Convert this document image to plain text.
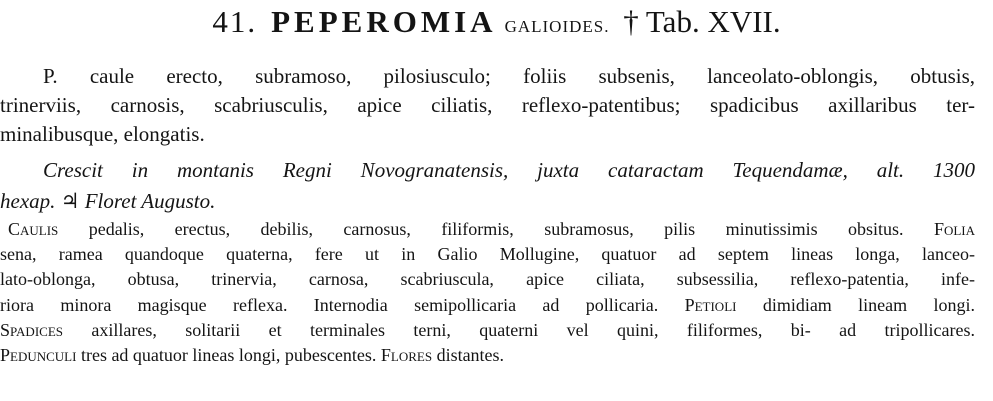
41. PEPEROMIA GALIOIDES. † Tab. XVII.
P. caule erecto, subramoso, pilosiusculo; foliis subsenis, lanceolato-oblongis, obtusis,
trinerviis, carnosis, scabriusculis, apice ciliatis, reflexo-patentibus; spadicibus axillaribus ter-
minalibusque, elongatis.
Crescit in montanis Regni Novogranatensis, juxta cataractam Tequendamæ, alt. 1300
hexap. ♃ Floret Augusto.
Caulis pedalis, erectus, debilis, carnosus, filiformis, subramosus, pilis minutissimis obsitus. Folia
sena, ramea quandoque quaterna, fere ut in Galio Mollugine, quatuor ad septem lineas longa, lanceo-
lato-oblonga, obtusa, trinervia, carnosa, scabriuscula, apice ciliata, subsessilia, reflexo-patentia, infe-
riora minora magisque reflexa. Internodia semipollicaria ad pollicaria. Petioli dimidiam lineam longi.
Spadices axillares, solitarii et terminales terni, quaterni vel quini, filiformes, bi- ad tripollicares.
Pedunculi tres ad quatuor lineas longi, pubescentes. Flores distantes.
